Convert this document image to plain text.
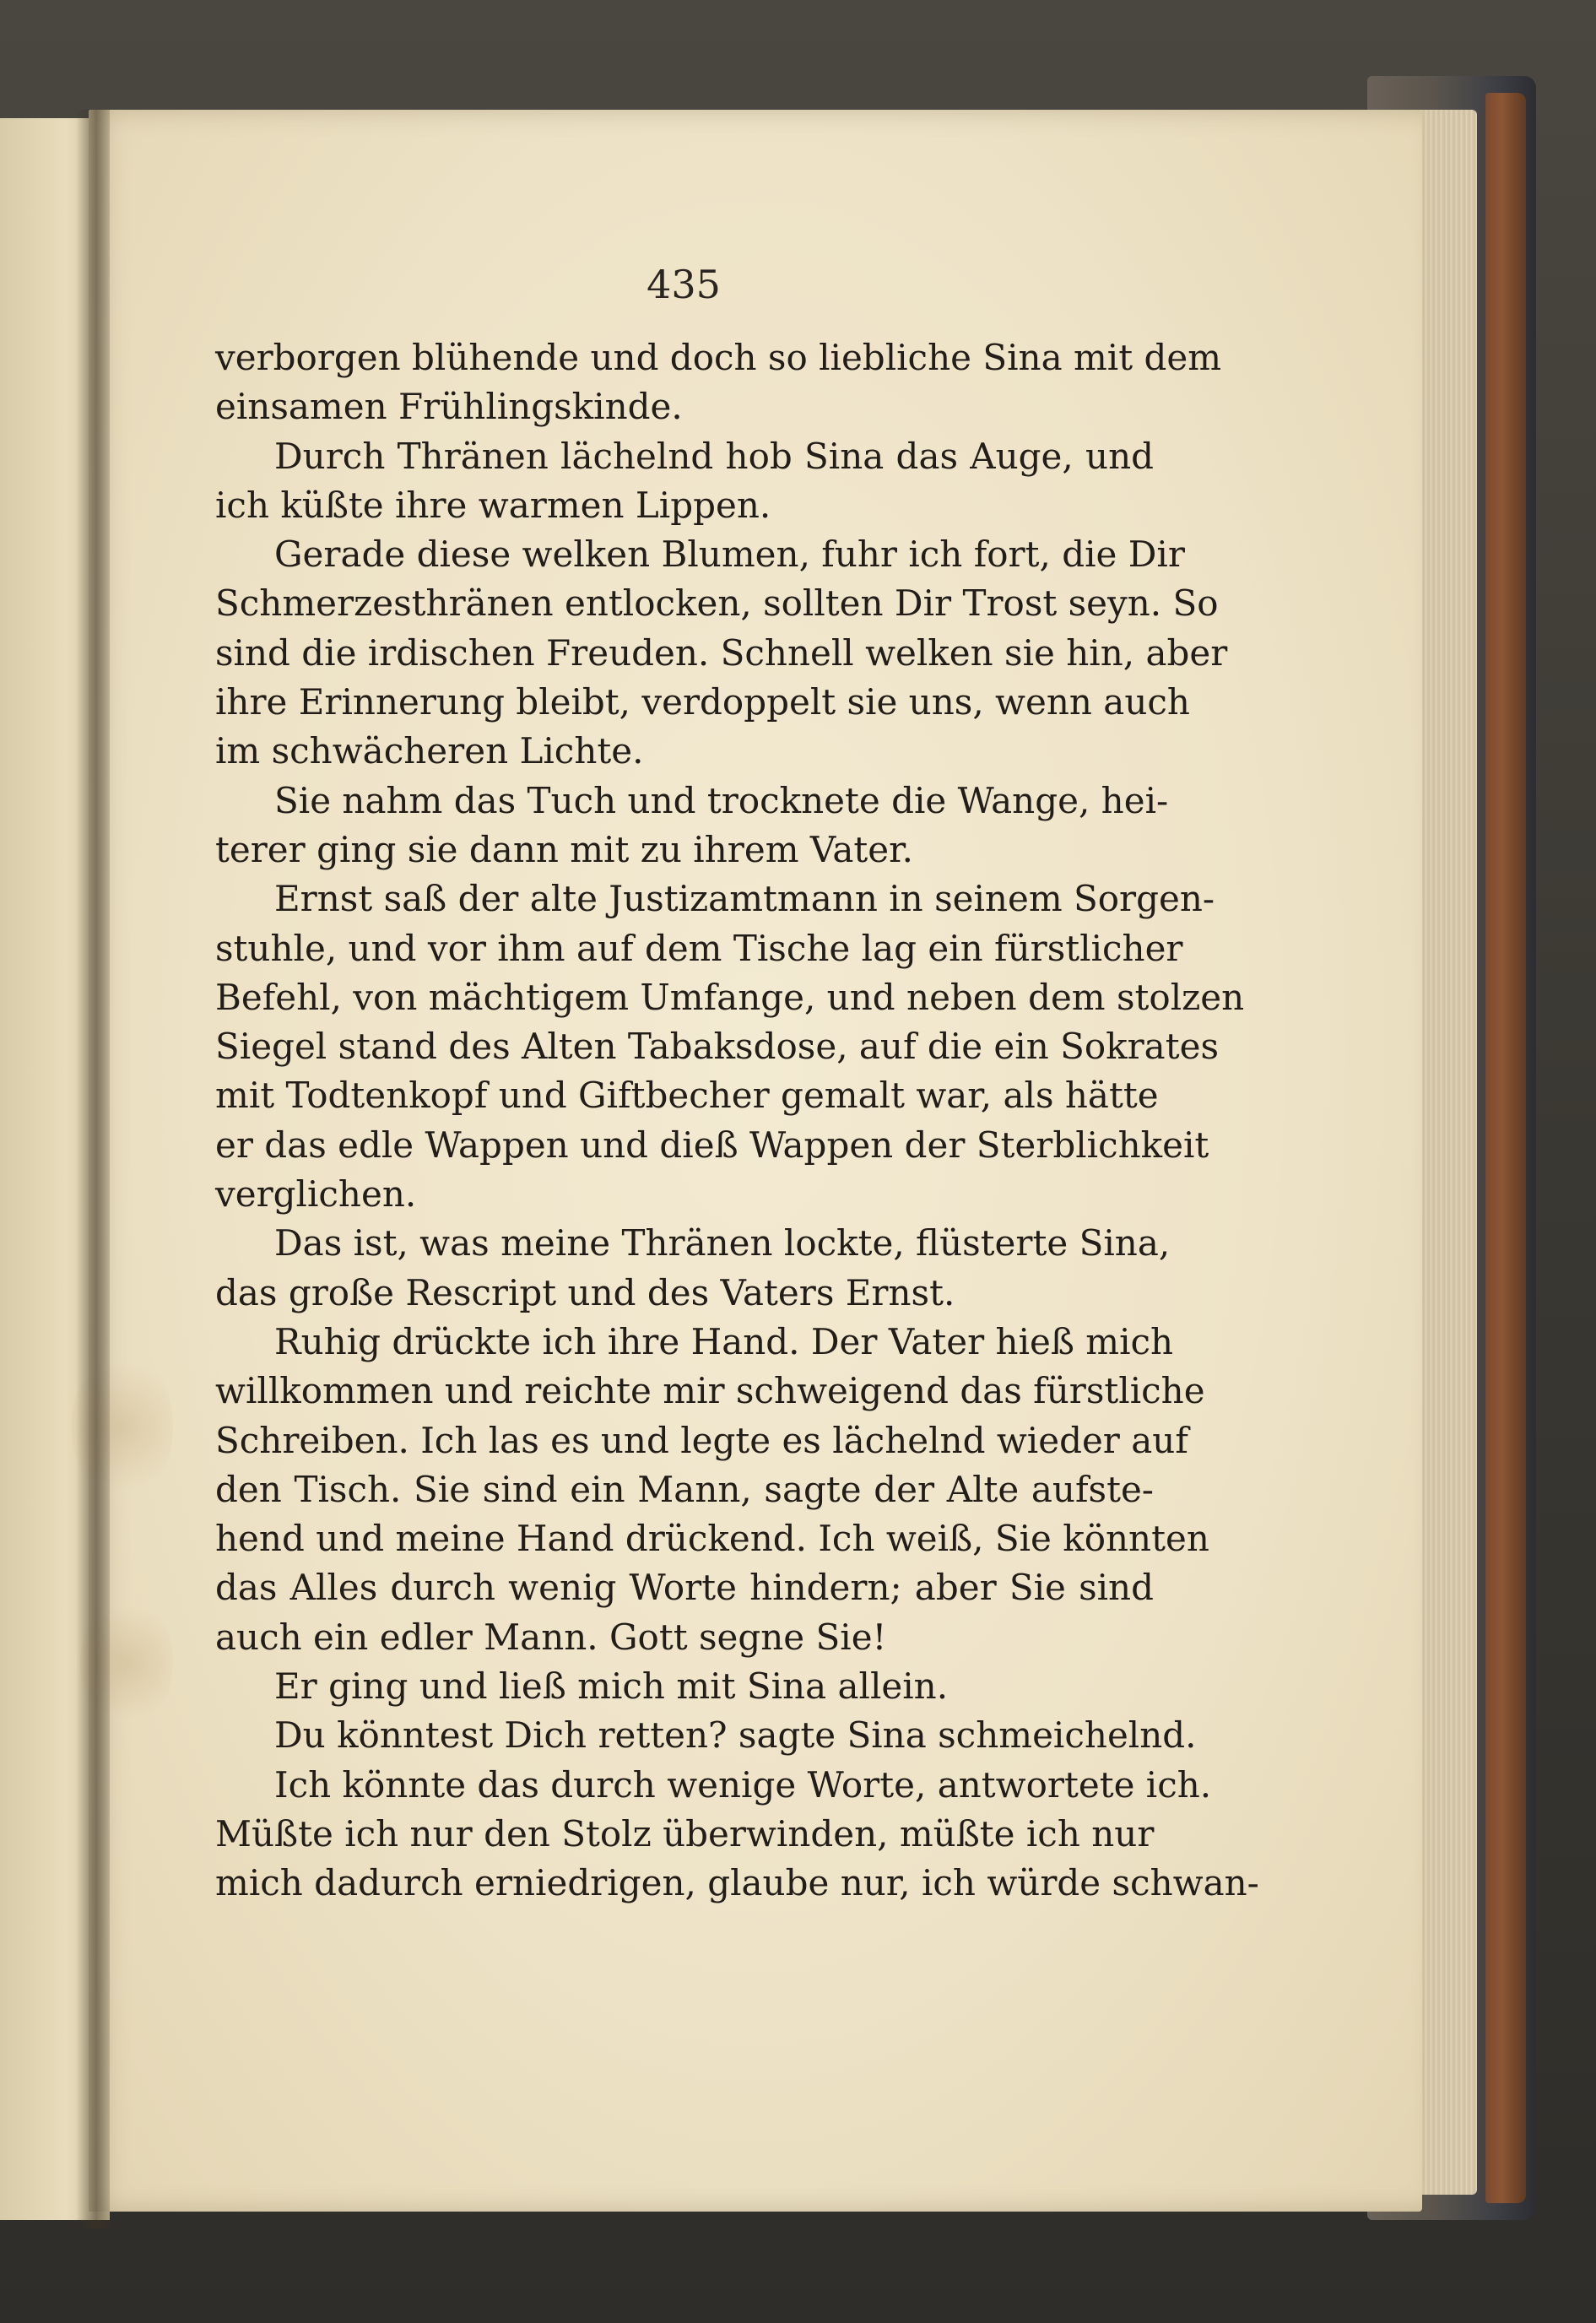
435
verborgen blühende und doch so liebliche Sina mit dem
einsamen Frühlingskinde.
Durch Thränen lächelnd hob Sina das Auge, und
ich küßte ihre warmen Lippen.
Gerade diese welken Blumen, fuhr ich fort, die Dir
Schmerzesthränen entlocken, sollten Dir Trost seyn. So
sind die irdischen Freuden. Schnell welken sie hin, aber
ihre Erinnerung bleibt, verdoppelt sie uns, wenn auch
im schwächeren Lichte.
Sie nahm das Tuch und trocknete die Wange, hei-
terer ging sie dann mit zu ihrem Vater.
Ernst saß der alte Justizamtmann in seinem Sorgen-
stuhle, und vor ihm auf dem Tische lag ein fürstlicher
Befehl, von mächtigem Umfange, und neben dem stolzen
Siegel stand des Alten Tabaksdose, auf die ein Sokrates
mit Todtenkopf und Giftbecher gemalt war, als hätte
er das edle Wappen und dieß Wappen der Sterblichkeit
verglichen.
Das ist, was meine Thränen lockte, flüsterte Sina,
das große Rescript und des Vaters Ernst.
Ruhig drückte ich ihre Hand. Der Vater hieß mich
willkommen und reichte mir schweigend das fürstliche
Schreiben. Ich las es und legte es lächelnd wieder auf
den Tisch. Sie sind ein Mann, sagte der Alte aufste-
hend und meine Hand drückend. Ich weiß, Sie könnten
das Alles durch wenig Worte hindern; aber Sie sind
auch ein edler Mann. Gott segne Sie!
Er ging und ließ mich mit Sina allein.
Du könntest Dich retten? sagte Sina schmeichelnd.
Ich könnte das durch wenige Worte, antwortete ich.
Müßte ich nur den Stolz überwinden, müßte ich nur
mich dadurch erniedrigen, glaube nur, ich würde schwan-
